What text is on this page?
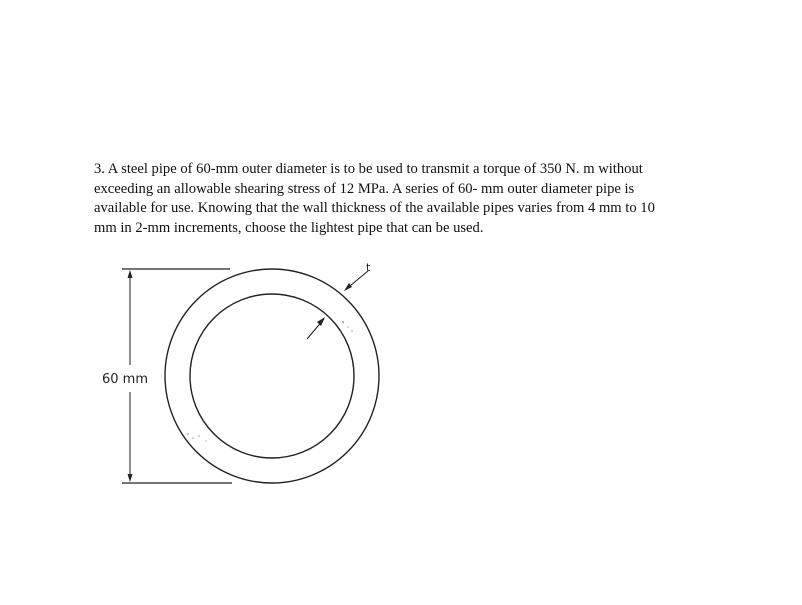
3. A steel pipe of 60-mm outer diameter is to be used to transmit a torque of 350 N. m without
exceeding an allowable shearing stress of 12 MPa. A series of 60- mm outer diameter pipe is
available for use. Knowing that the wall thickness of the available pipes varies from 4 mm to 10
mm in 2-mm increments, choose the lightest pipe that can be used.
60 mm
t
